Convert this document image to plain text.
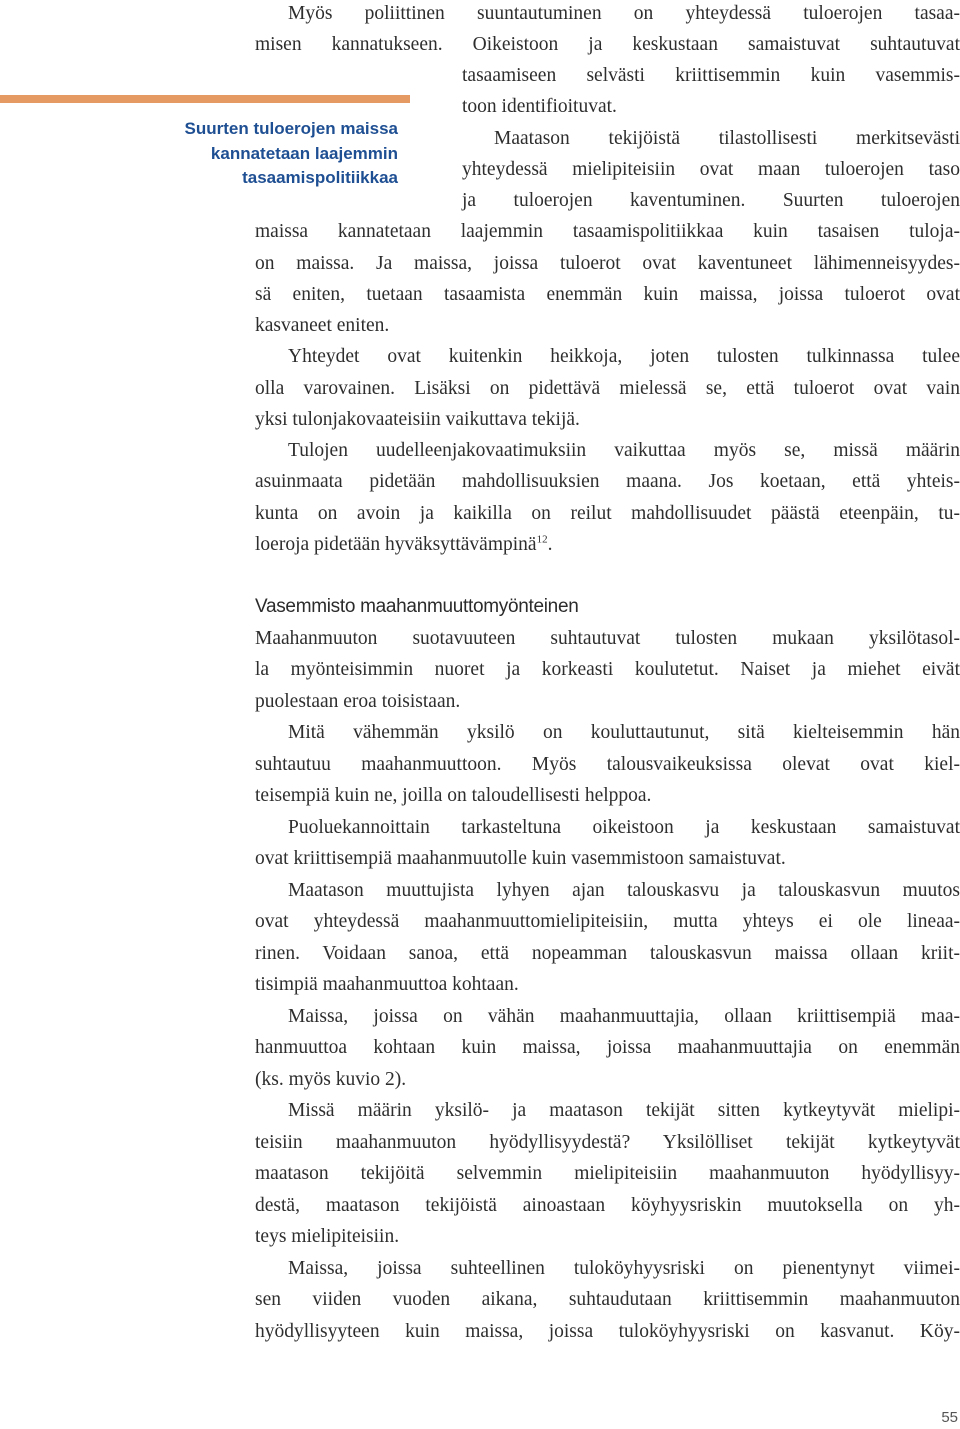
Suurten tuloerojen maissa
kannatetaan laajemmin
tasaamispolitiikkaa
Myös poliittinen suuntautuminen on yhteydessä tuloerojen tasaa-
misen kannatukseen. Oikeistoon ja keskustaan samaistuvat suhtautuvat
tasaamiseen selvästi kriittisemmin kuin vasemmis-
toon identifioituvat.
Maatason tekijöistä tilastollisesti merkitsevästi
yhteydessä mielipiteisiin ovat maan tuloerojen taso
ja tuloerojen kaventuminen. Suurten tuloerojen
maissa kannatetaan laajemmin tasaamispolitiikkaa kuin tasaisen tuloja-
on maissa. Ja maissa, joissa tuloerot ovat kaventuneet lähimenneisyydes-
sä eniten, tuetaan tasaamista enemmän kuin maissa, joissa tuloerot ovat
kasvaneet eniten.
Yhteydet ovat kuitenkin heikkoja, joten tulosten tulkinnassa tulee
olla varovainen. Lisäksi on pidettävä mielessä se, että tuloerot ovat vain
yksi tulonjakovaateisiin vaikuttava tekijä.
Tulojen uudelleenjakovaatimuksiin vaikuttaa myös se, missä määrin
asuinmaata pidetään mahdollisuuksien maana. Jos koetaan, että yhteis-
kunta on avoin ja kaikilla on reilut mahdollisuudet päästä eteenpäin, tu-
loeroja pidetään hyväksyttävämpinä$^{12}$.
Vasemmisto maahanmuuttomyönteinen
Maahanmuuton suotavuuteen suhtautuvat tulosten mukaan yksilötasol-
la myönteisimmin nuoret ja korkeasti koulutetut. Naiset ja miehet eivät
puolestaan eroa toisistaan.
Mitä vähemmän yksilö on kouluttautunut, sitä kielteisemmin hän
suhtautuu maahanmuuttoon. Myös talousvaikeuksissa olevat ovat kiel-
teisempiä kuin ne, joilla on taloudellisesti helppoa.
Puoluekannoittain tarkasteltuna oikeistoon ja keskustaan samaistuvat
ovat kriittisempiä maahanmuutolle kuin vasemmistoon samaistuvat.
Maatason muuttujista lyhyen ajan talouskasvu ja talouskasvun muutos
ovat yhteydessä maahanmuuttomielipiteisiin, mutta yhteys ei ole lineaa-
rinen. Voidaan sanoa, että nopeamman talouskasvun maissa ollaan kriit-
tisimpiä maahanmuuttoa kohtaan.
Maissa, joissa on vähän maahanmuuttajia, ollaan kriittisempiä maa-
hanmuuttoa kohtaan kuin maissa, joissa maahanmuuttajia on enemmän
(ks. myös kuvio 2).
Missä määrin yksilö- ja maatason tekijät sitten kytkeytyvät mielipi-
teisiin maahanmuuton hyödyllisyydestä? Yksilölliset tekijät kytkeytyvät
maatason tekijöitä selvemmin mielipiteisiin maahanmuuton hyödyllisyy-
destä, maatason tekijöistä ainoastaan köyhyysriskin muutoksella on yh-
teys mielipiteisiin.
Maissa, joissa suhteellinen tuloköyhyysriski on pienentynyt viimei-
sen viiden vuoden aikana, suhtaudutaan kriittisemmin maahanmuuton
hyödyllisyyteen kuin maissa, joissa tuloköyhyysriski on kasvanut. Köy-
55
